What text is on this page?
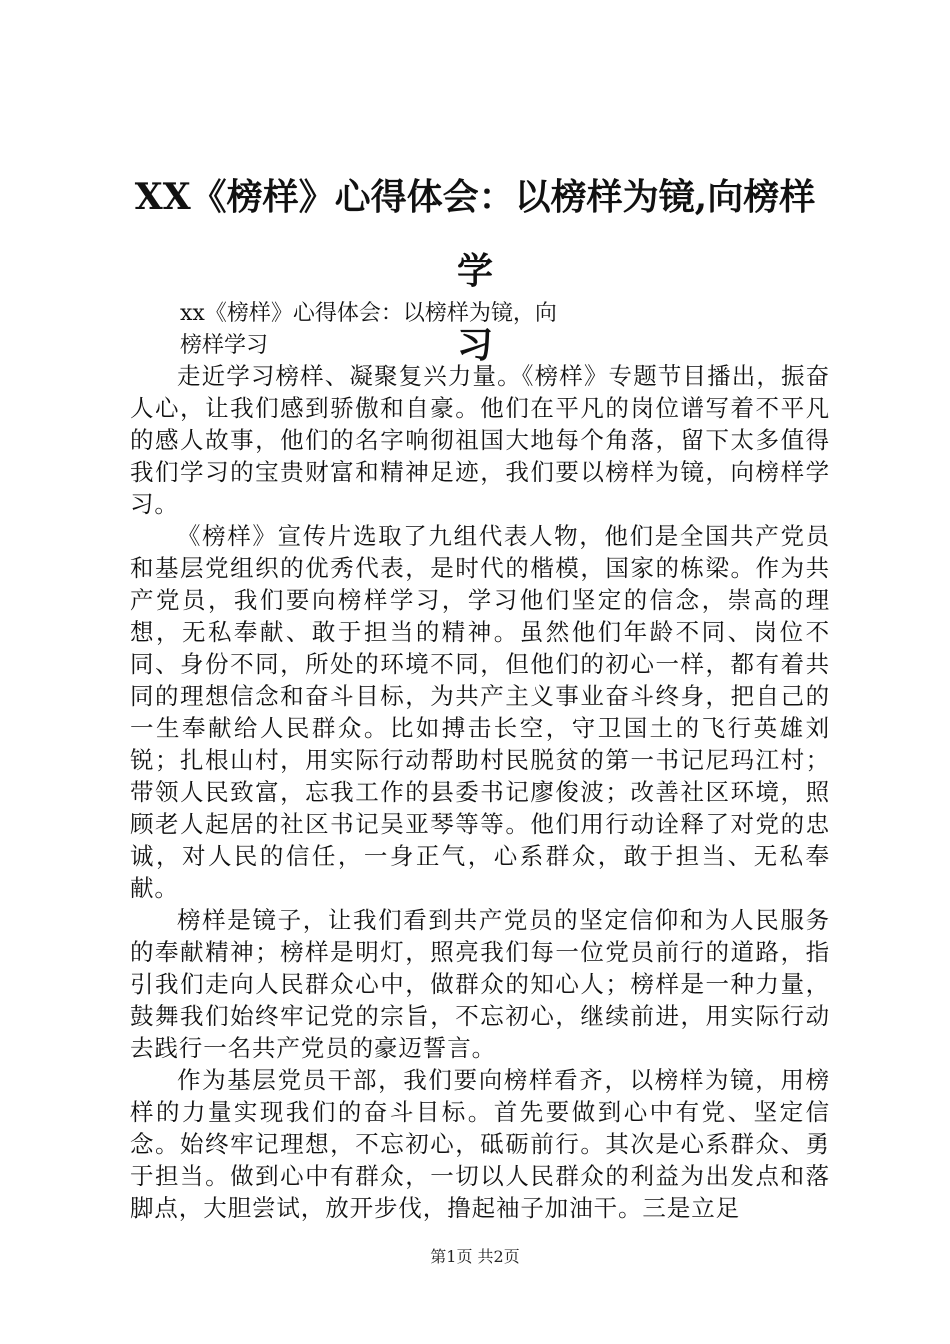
XX《榜样》心得体会：以榜样为镜,向榜样学
习
xx《榜样》心得体会：以榜样为镜，向
榜样学习

走近学习榜样、凝聚复兴力量。《榜样》专题节目播出，振奋人心，让我们感到骄傲和自豪。他们在平凡的岗位谱写着不平凡的感人故事，他们的名字响彻祖国大地每个角落，留下太多值得我们学习的宝贵财富和精神足迹，我们要以榜样为镜，向榜样学习。

《榜样》宣传片选取了九组代表人物，他们是全国共产党员和基层党组织的优秀代表，是时代的楷模，国家的栋梁。作为共产党员，我们要向榜样学习，学习他们坚定的信念，崇高的理想，无私奉献、敢于担当的精神。虽然他们年龄不同、岗位不同、身份不同，所处的环境不同，但他们的初心一样，都有着共同的理想信念和奋斗目标，为共产主义事业奋斗终身，把自己的一生奉献给人民群众。比如搏击长空，守卫国土的飞行英雄刘锐；扎根山村，用实际行动帮助村民脱贫的第一书记尼玛江村；带领人民致富，忘我工作的县委书记廖俊波；改善社区环境，照顾老人起居的社区书记吴亚琴等等。他们用行动诠释了对党的忠诚，对人民的信任，一身正气，心系群众，敢于担当、无私奉献。

榜样是镜子，让我们看到共产党员的坚定信仰和为人民服务的奉献精神；榜样是明灯，照亮我们每一位党员前行的道路，指引我们走向人民群众心中，做群众的知心人；榜样是一种力量，鼓舞我们始终牢记党的宗旨，不忘初心，继续前进，用实际行动去践行一名共产党员的豪迈誓言。

作为基层党员干部，我们要向榜样看齐，以榜样为镜，用榜样的力量实现我们的奋斗目标。首先要做到心中有党、坚定信念。始终牢记理想，不忘初心，砥砺前行。其次是心系群众、勇于担当。做到心中有群众，一切以人民群众的利益为出发点和落脚点，大胆尝试，放开步伐，撸起袖子加油干。三是立足

第1页 共2页
